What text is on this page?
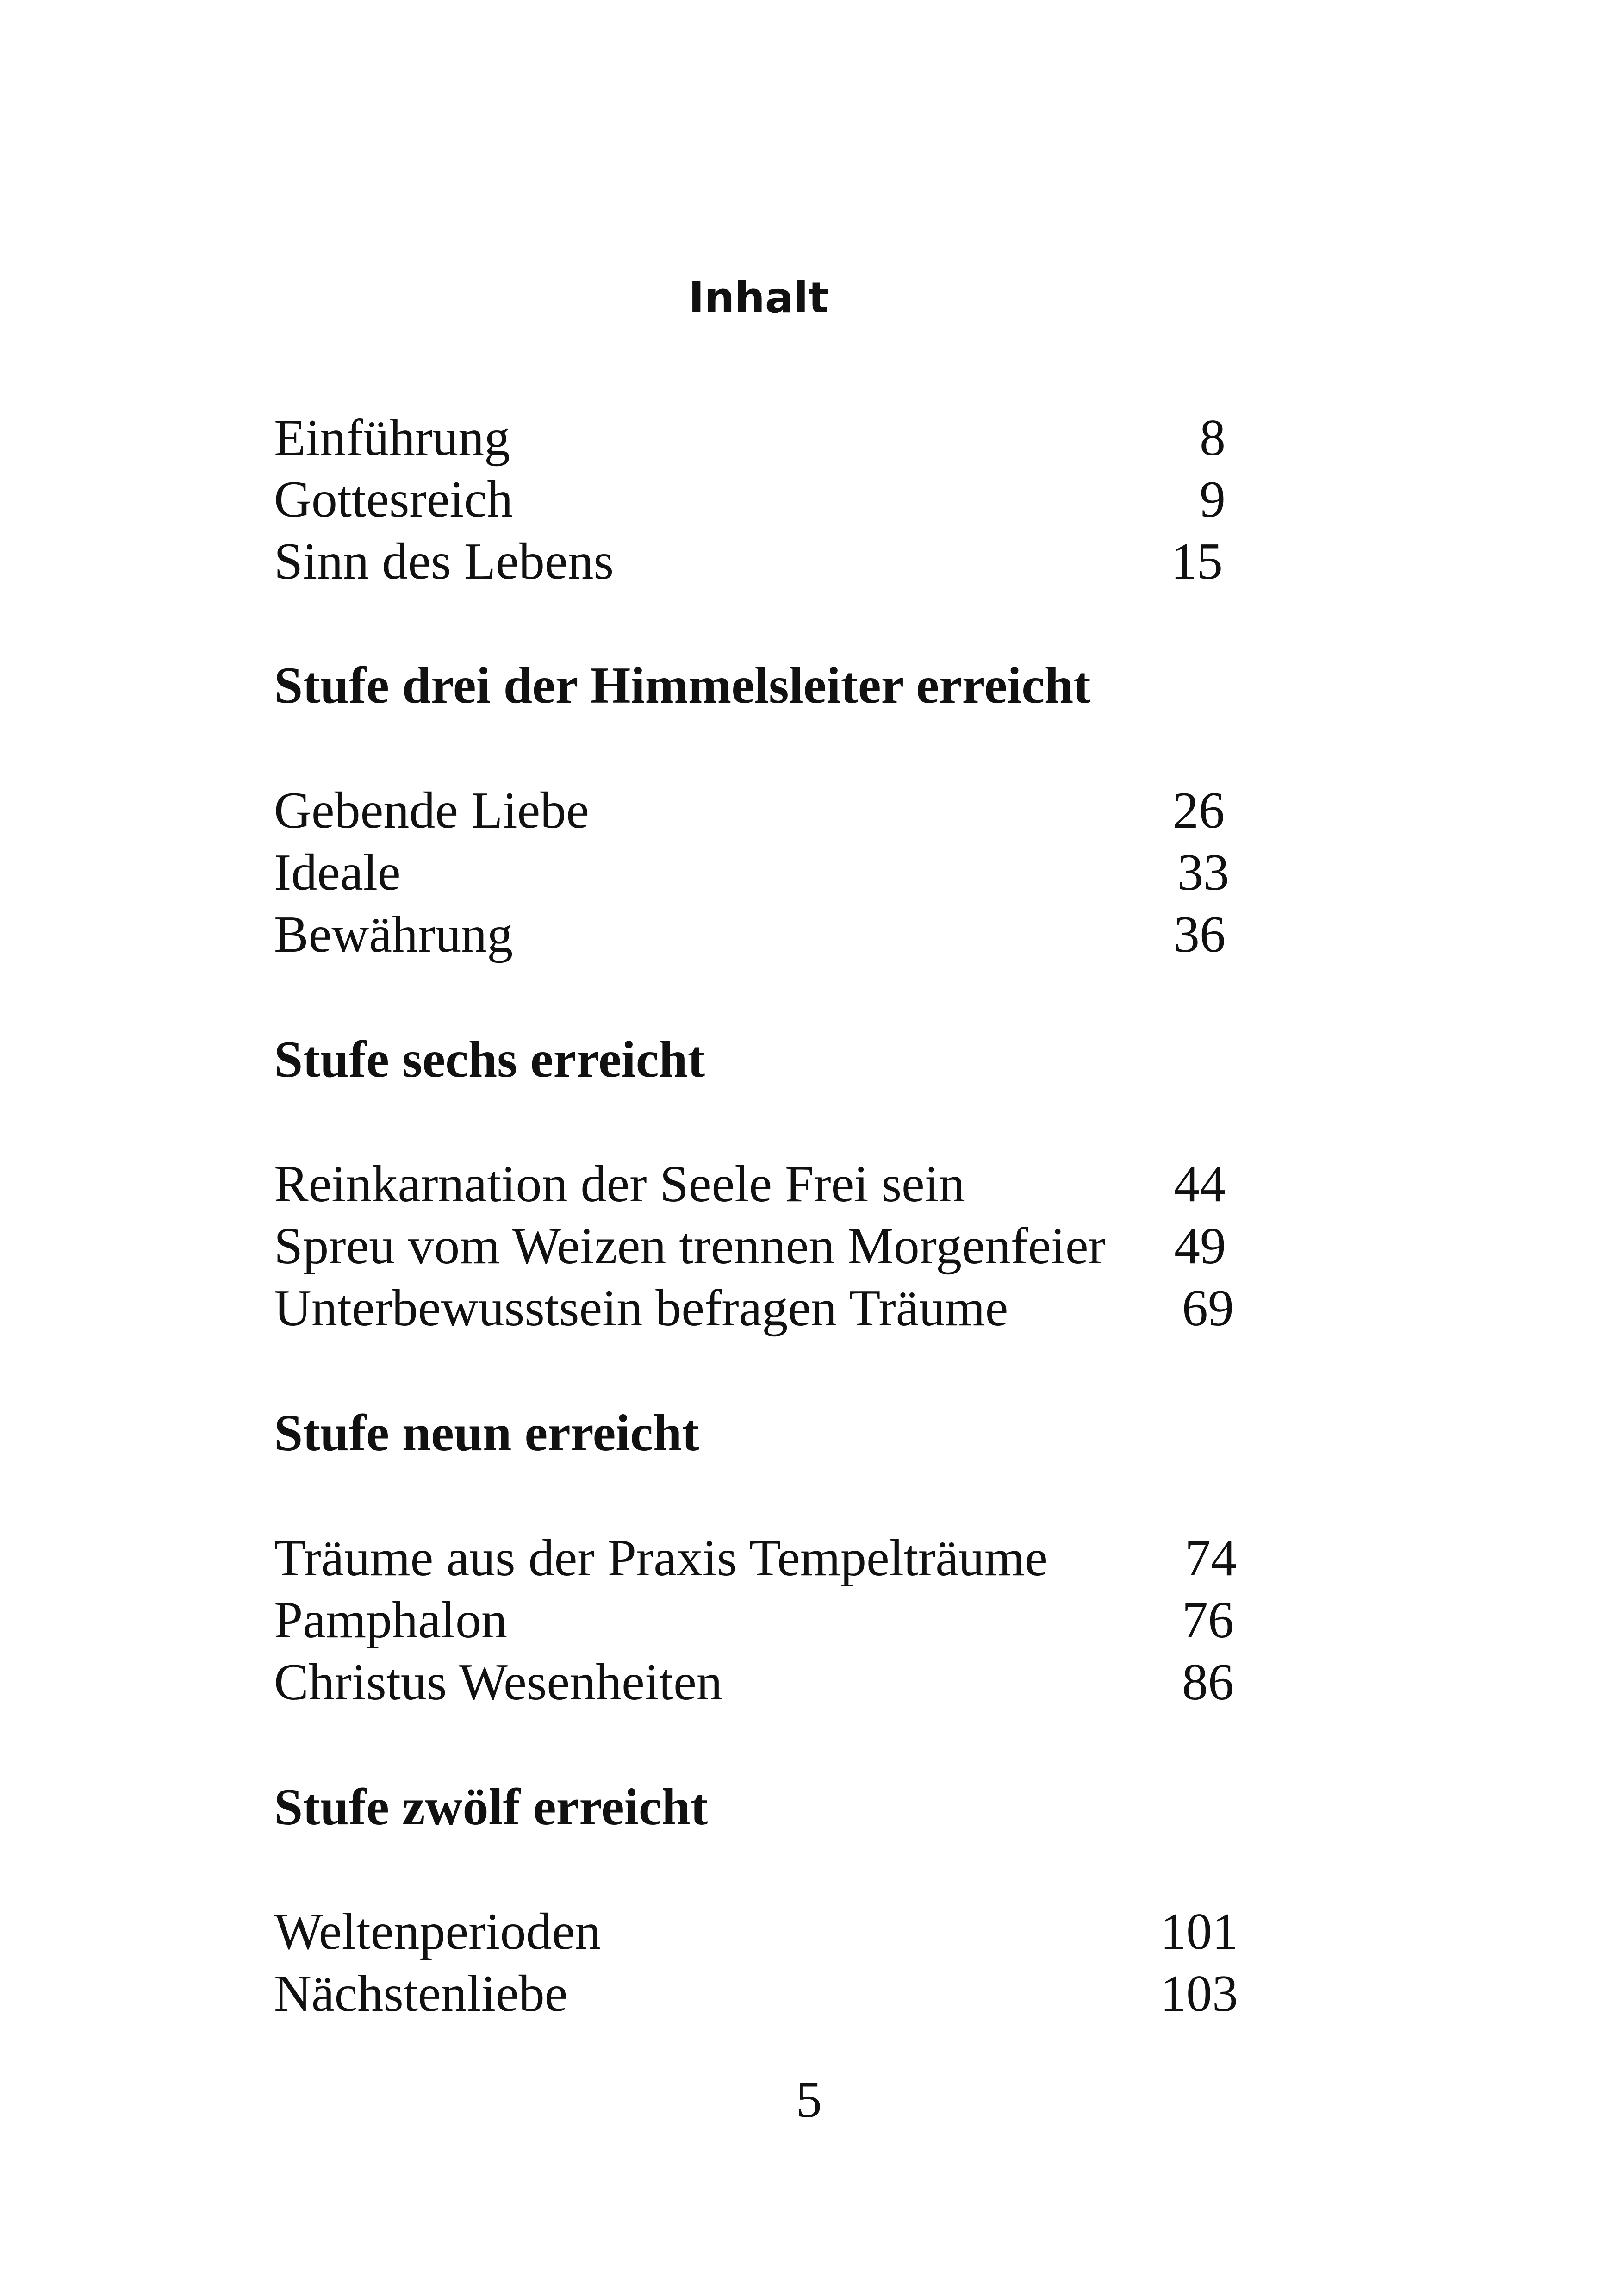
Inhalt
Einführung	8
Gottesreich	9
Sinn des Lebens	15
Stufe drei der Himmelsleiter erreicht
Gebende Liebe	26
Ideale	33
Bewährung	36
Stufe sechs erreicht
Reinkarnation der Seele Frei sein	44
Spreu vom Weizen trennen Morgenfeier 49
Unterbewusstsein befragen Träume	69
Stufe neun erreicht
Träume aus der Praxis Tempelträume	74
Pamphalon	76
Christus Wesenheiten	86
Stufe zwölf erreicht
Weltenperioden	101
Nächstenliebe	103
5
